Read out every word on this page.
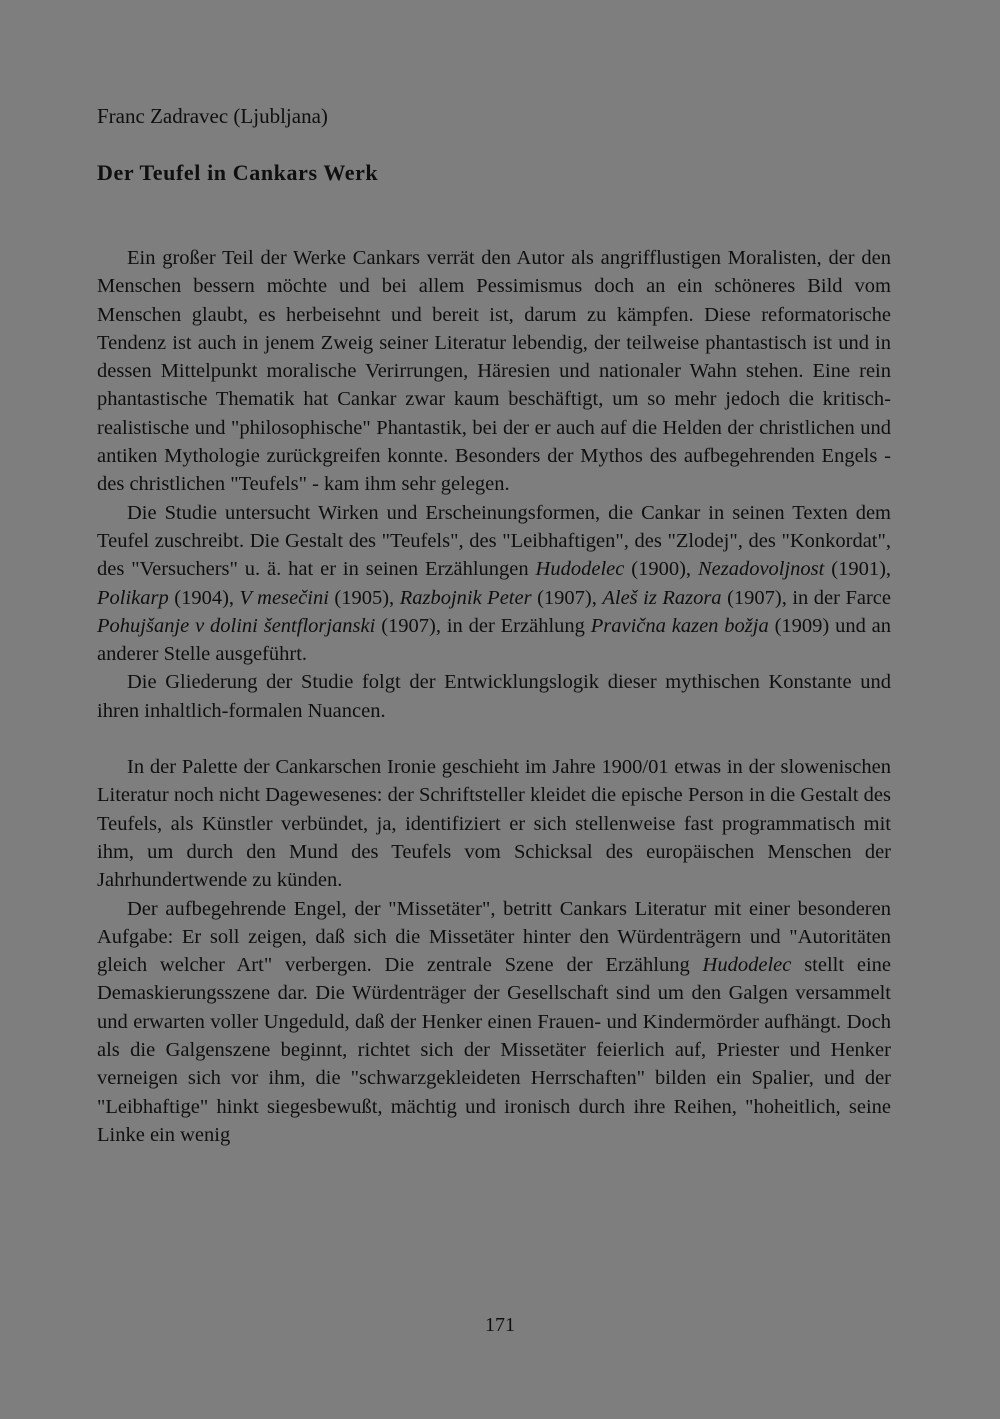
Franc Zadravec (Ljubljana)
Der Teufel in Cankars Werk

Ein großer Teil der Werke Cankars verrät den Autor als angrifflustigen Moralisten, der den Menschen bessern möchte und bei allem Pessimismus doch an ein schöneres Bild vom Menschen glaubt, es herbeisehnt und bereit ist, darum zu kämpfen. Diese reformatorische Tendenz ist auch in jenem Zweig seiner Literatur lebendig, der teilweise phantastisch ist und in dessen Mittelpunkt moralische Verirrungen, Häresien und nationaler Wahn stehen. Eine rein phantastische Thematik hat Cankar zwar kaum beschäftigt, um so mehr jedoch die kritischrealistische und "philosophische" Phantastik, bei der er auch auf die Helden der christlichen und antiken Mythologie zurückgreifen konnte. Besonders der Mythos des aufbegehrenden Engels - des christlichen "Teufels" - kam ihm sehr gelegen.

Die Studie untersucht Wirken und Erscheinungsformen, die Cankar in seinen Texten dem Teufel zuschreibt. Die Gestalt des "Teufels", des "Leibhaftigen", des "Zlodej", des "Konkordat", des "Versuchers" u. ä. hat er in seinen Erzählungen Hudodelec (1900), Nezadovoljnost (1901), Polikarp (1904), V mesečini (1905), Razbojnik Peter (1907), Aleš iz Razora (1907), in der Farce Pohujšanje v dolini šentflorjanski (1907), in der Erzählung Pravična kazen božja (1909) und an anderer Stelle ausgeführt.

Die Gliederung der Studie folgt der Entwicklungslogik dieser mythischen Konstante und ihren inhaltlich-formalen Nuancen.

In der Palette der Cankarschen Ironie geschieht im Jahre 1900/01 etwas in der slowenischen Literatur noch nicht Dagewesenes: der Schriftsteller kleidet die epische Person in die Gestalt des Teufels, als Künstler verbündet, ja, identifiziert er sich stellenweise fast programmatisch mit ihm, um durch den Mund des Teufels vom Schicksal des europäischen Menschen der Jahrhundertwende zu künden.

Der aufbegehrende Engel, der "Missetäter", betritt Cankars Literatur mit einer besonderen Aufgabe: Er soll zeigen, daß sich die Missetäter hinter den Würdenträgern und "Autoritäten gleich welcher Art" verbergen. Die zentrale Szene der Erzählung Hudodelec stellt eine Demaskierungsszene dar. Die Würdenträger der Gesellschaft sind um den Galgen versammelt und erwarten voller Ungeduld, daß der Henker einen Frauen- und Kindermörder aufhängt. Doch als die Galgenszene beginnt, richtet sich der Missetäter feierlich auf, Priester und Henker verneigen sich vor ihm, die "schwarzgekleideten Herrschaften" bilden ein Spalier, und der "Leibhaftige" hinkt siegesbewußt, mächtig und ironisch durch ihre Reihen, "hoheitlich, seine Linke ein wenig

171
